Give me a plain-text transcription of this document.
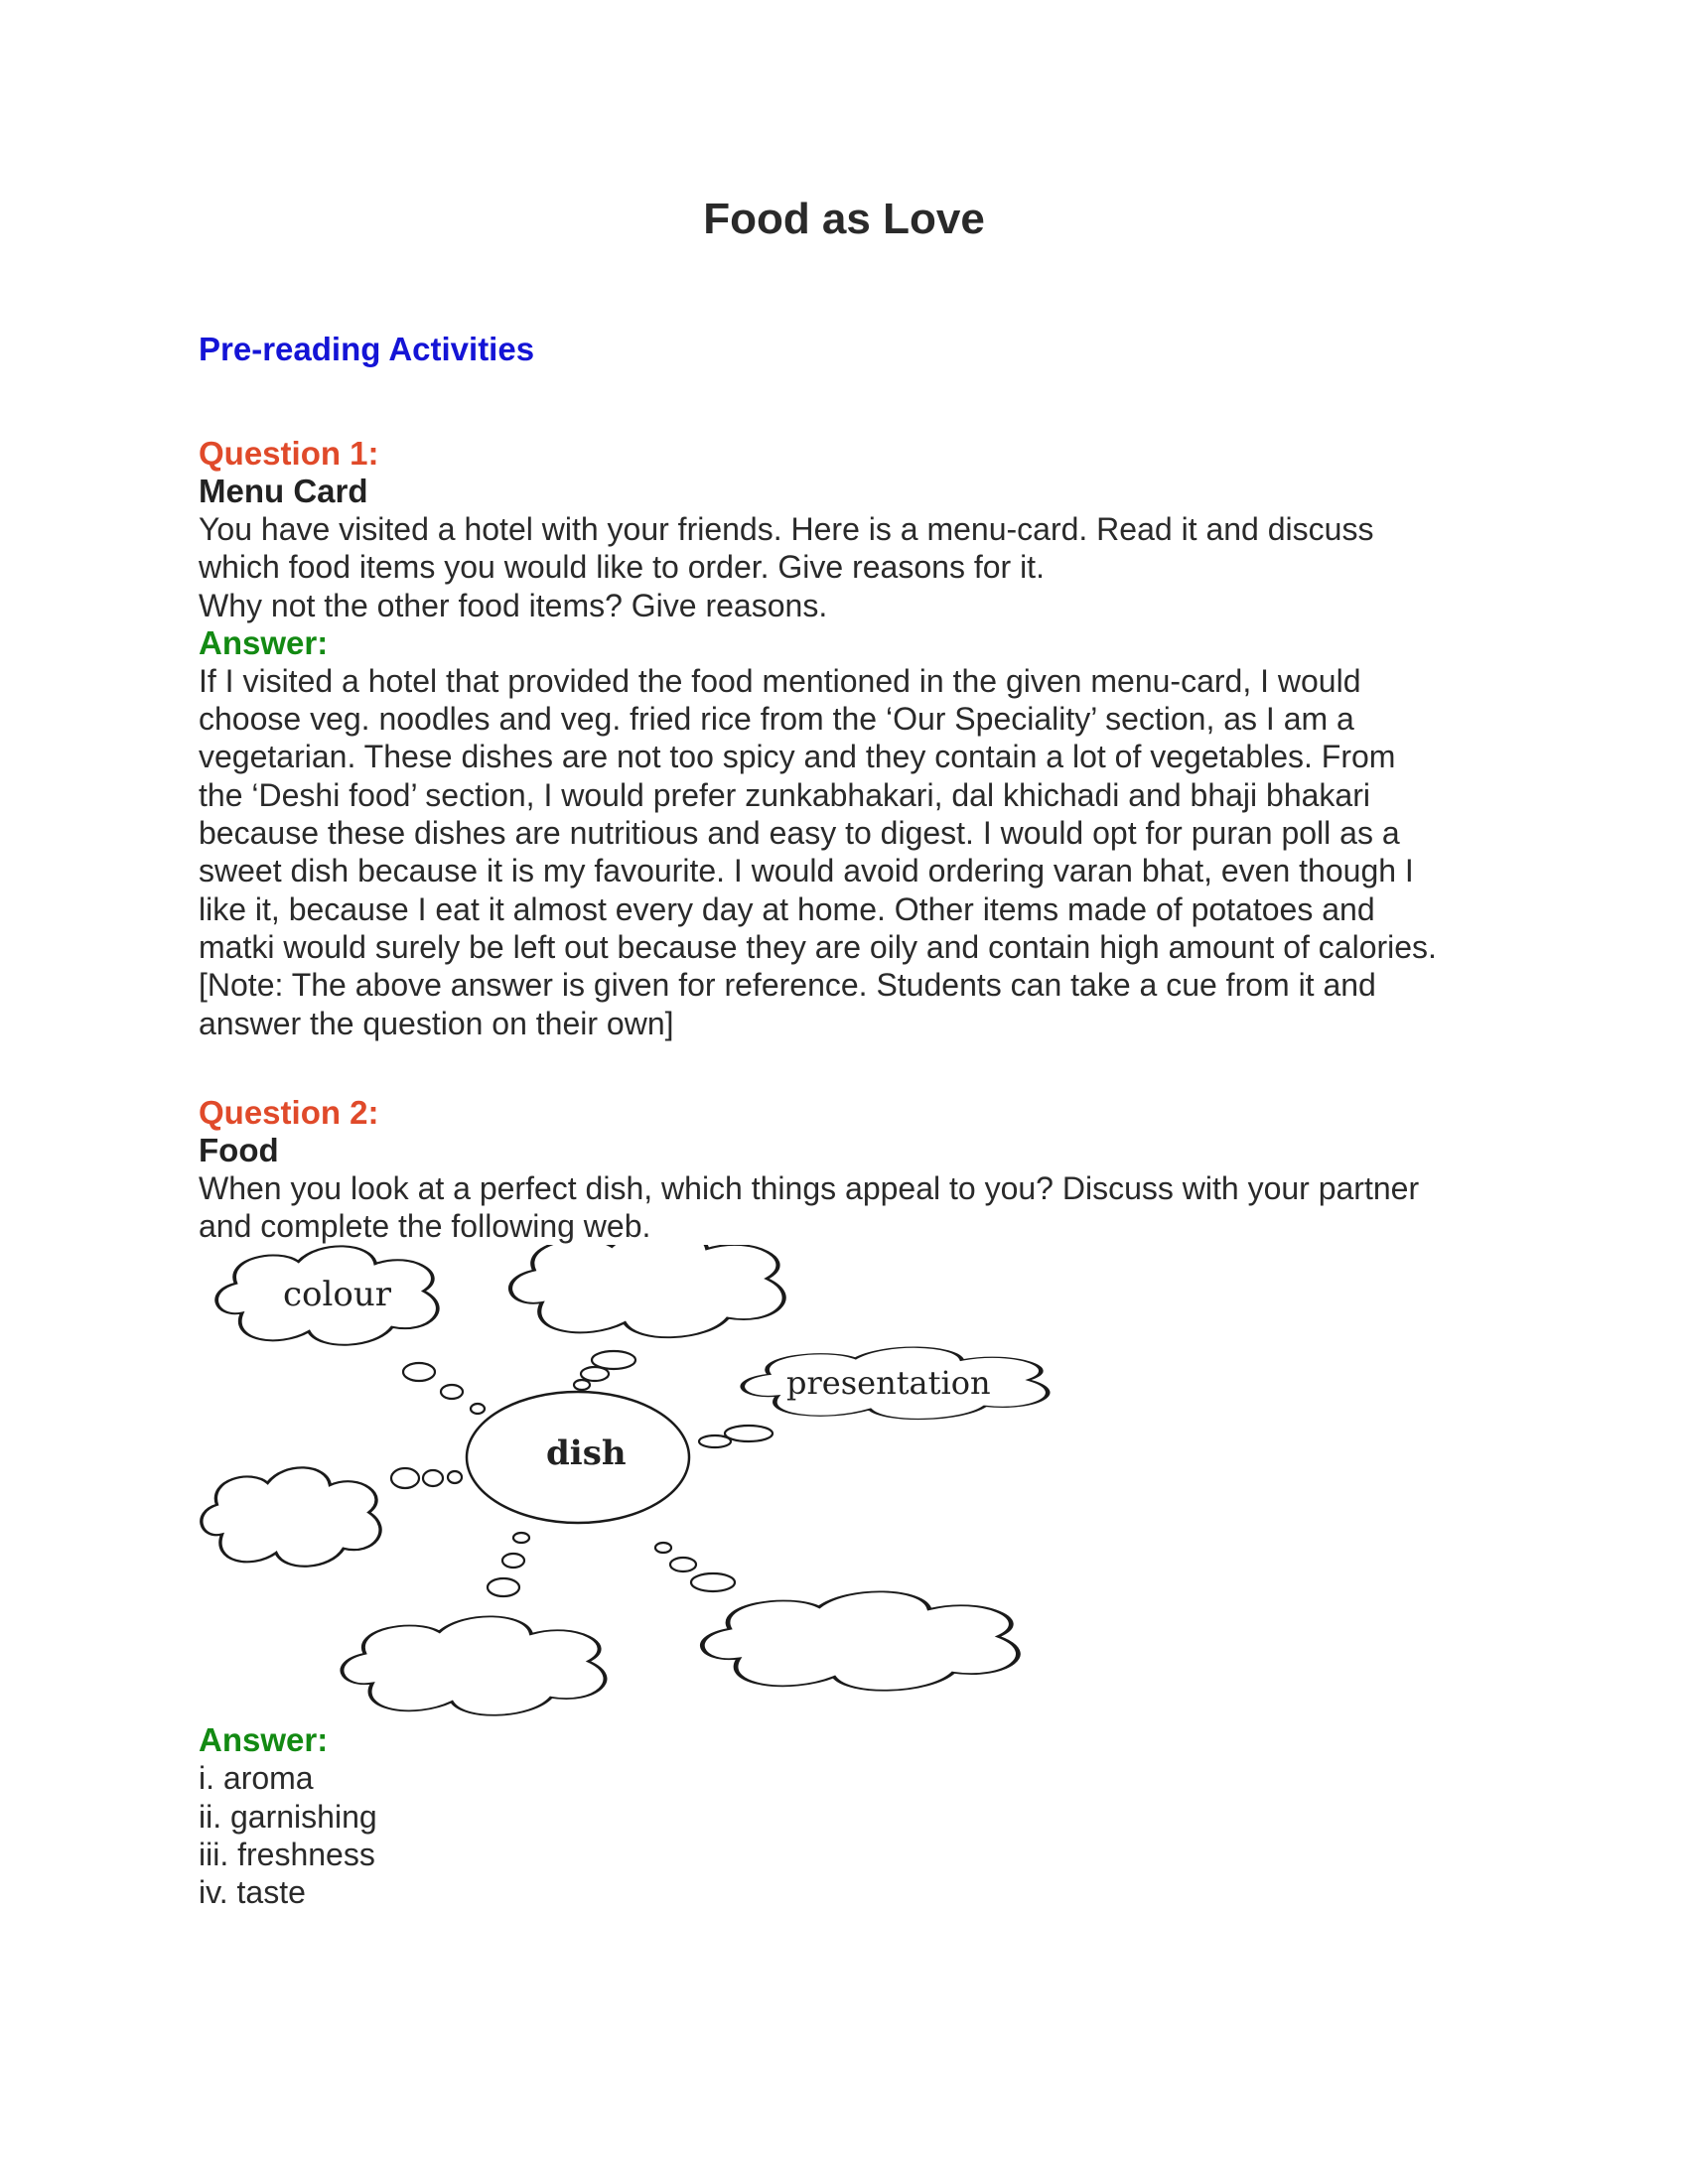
Food as Love
Pre-reading Activities
Question 1:
Menu Card

You have visited a hotel with your friends. Here is a menu-card. Read it and discuss

which food items you would like to order. Give reasons for it.

Why not the other food items? Give reasons.

Answer:

If I visited a hotel that provided the food mentioned in the given menu-card, I would

choose veg. noodles and veg. fried rice from the ‘Our Speciality’ section, as I am a

vegetarian. These dishes are not too spicy and they contain a lot of vegetables. From

the ‘Deshi food’ section, I would prefer zunkabhakari, dal khichadi and bhaji bhakari

because these dishes are nutritious and easy to digest. I would opt for puran poll as a

sweet dish because it is my favourite. I would avoid ordering varan bhat, even though I

like it, because I eat it almost every day at home. Other items made of potatoes and

matki would surely be left out because they are oily and contain high amount of calories.

[Note: The above answer is given for reference. Students can take a cue from it and

answer the question on their own]

Question 2:
Food

When you look at a perfect dish, which things appeal to you? Discuss with your partner

and complete the following web.

colour
presentation
dish
Answer:
i. aroma
ii. garnishing
iii. freshness
iv. taste
